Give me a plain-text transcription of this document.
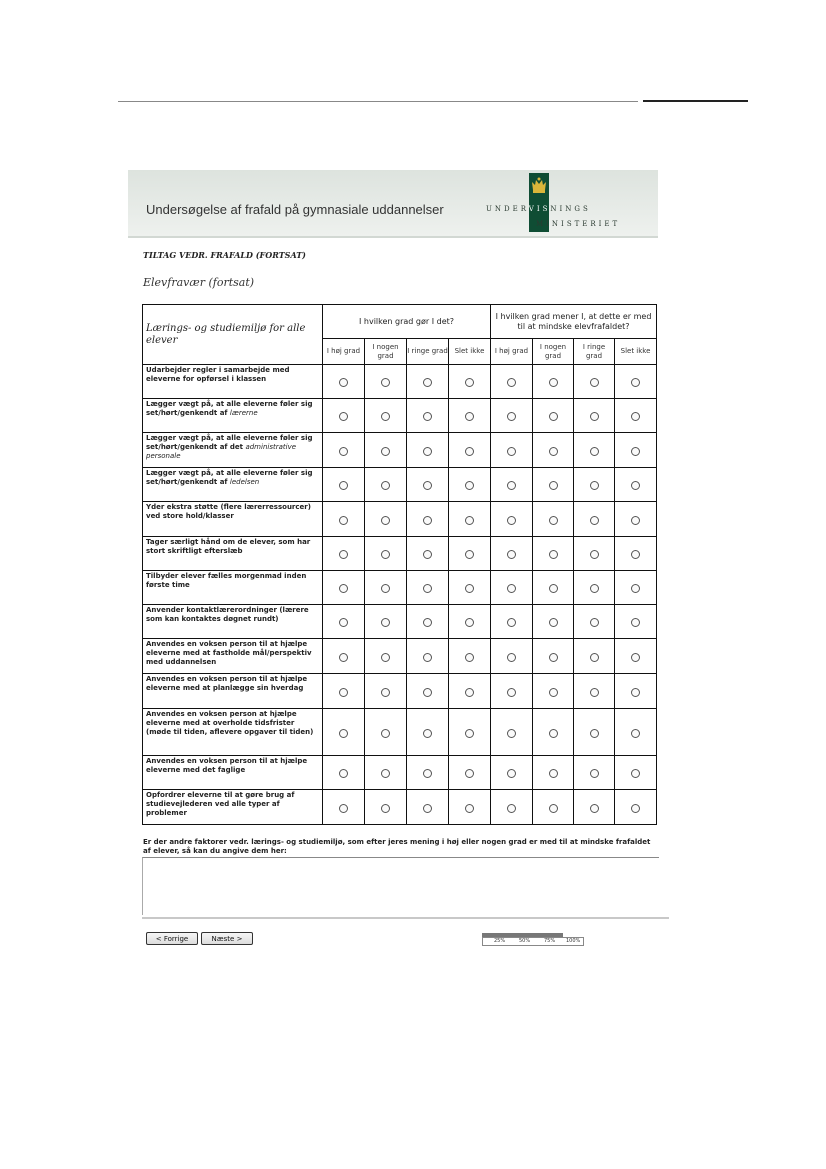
Undersøgelse af frafald på gymnasiale uddannelser	UNDERVISNINGS
MINISTERIET
TILTAG VEDR. FRAFALD (FORTSAT)
Elevfravær (fortsat)
Lærings- og studiemiljø for alle elever	I hvilken grad gør I det?				I hvilken grad mener I, at dette er med til at mindske elevfrafaldet?			
	I høj grad	I nogen grad	I ringe grad	Slet ikke	I høj grad	I nogen grad	I ringe grad	Slet ikke
Udarbejder regler i samarbejde med eleverne for opførsel i klassen								
Lægger vægt på, at alle eleverne føler sig set/hørt/genkendt af lærerne								
Lægger vægt på, at alle eleverne føler sig set/hørt/genkendt af det administrative personale								
Lægger vægt på, at alle eleverne føler sig set/hørt/genkendt af ledelsen								
Yder ekstra støtte (flere lærerressourcer) ved store hold/klasser								
Tager særligt hånd om de elever, som har stort skriftligt efterslæb								
Tilbyder elever fælles morgenmad inden første time								
Anvender kontaktlærerordninger (lærere som kan kontaktes døgnet rundt)								
Anvendes en voksen person til at hjælpe eleverne med at fastholde mål/perspektiv med uddannelsen								
Anvendes en voksen person til at hjælpe eleverne med at planlægge sin hverdag								
Anvendes en voksen person at hjælpe eleverne med at overholde tidsfrister (møde til tiden, aflevere opgaver til tiden)								
Anvendes en voksen person til at hjælpe eleverne med det faglige								
Opfordrer eleverne til at gøre brug af studievejlederen ved alle typer af problemer								
Er der andre faktorer vedr. lærings- og studiemiljø, som efter jeres mening i høj eller nogen grad er med til at mindske frafaldet af elever, så kan du angive dem her:
< Forrige	Næste >	25%	50%	75% 100%
